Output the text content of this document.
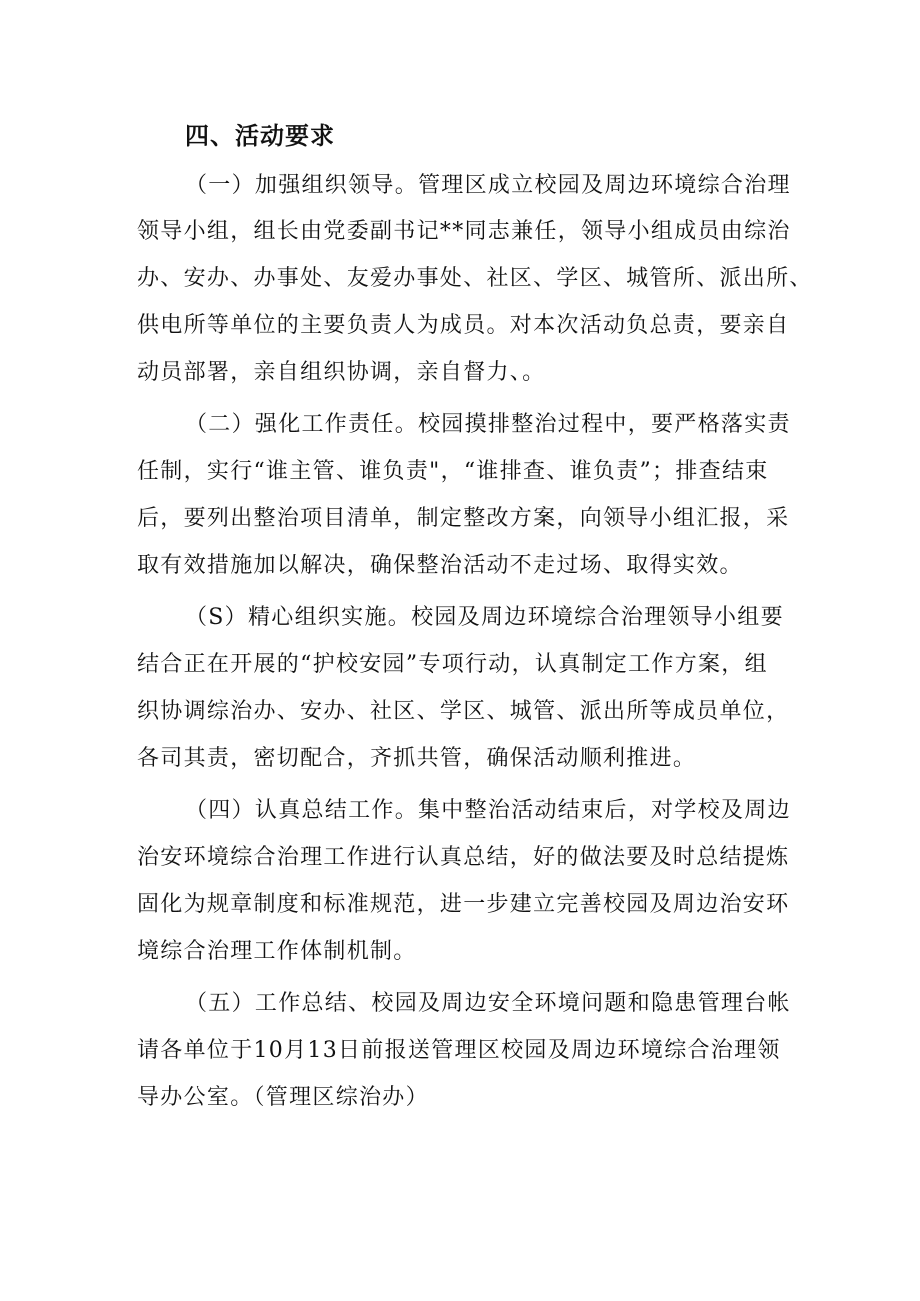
四、活动要求
（一）加强组织领导。管理区成立校园及周边环境综合治理
领导小组，组长由党委副书记**同志兼任，领导小组成员由综治
办、安办、办事处、友爱办事处、社区、学区、城管所、派出所、
供电所等单位的主要负责人为成员。对本次活动负总责，要亲自
动员部署，亲自组织协调，亲自督力、。
（二）强化工作责任。校园摸排整治过程中，要严格落实责
任制，实行“谁主管、谁负责"，“谁排查、谁负责”；排查结束
后，要列出整治项目清单，制定整改方案，向领导小组汇报，采
取有效措施加以解决，确保整治活动不走过场、取得实效。
（S）精心组织实施。校园及周边环境综合治理领导小组要
结合正在开展的“护校安园”专项行动，认真制定工作方案，组
织协调综治办、安办、社区、学区、城管、派出所等成员单位，
各司其责，密切配合，齐抓共管，确保活动顺利推进。
（四）认真总结工作。集中整治活动结束后，对学校及周边
治安环境综合治理工作进行认真总结，好的做法要及时总结提炼
固化为规章制度和标准规范，进一步建立完善校园及周边治安环
境综合治理工作体制机制。
（五）工作总结、校园及周边安全环境问题和隐患管理台帐
请各单位于10月13日前报送管理区校园及周边环境综合治理领
导办公室。（管理区综治办）
